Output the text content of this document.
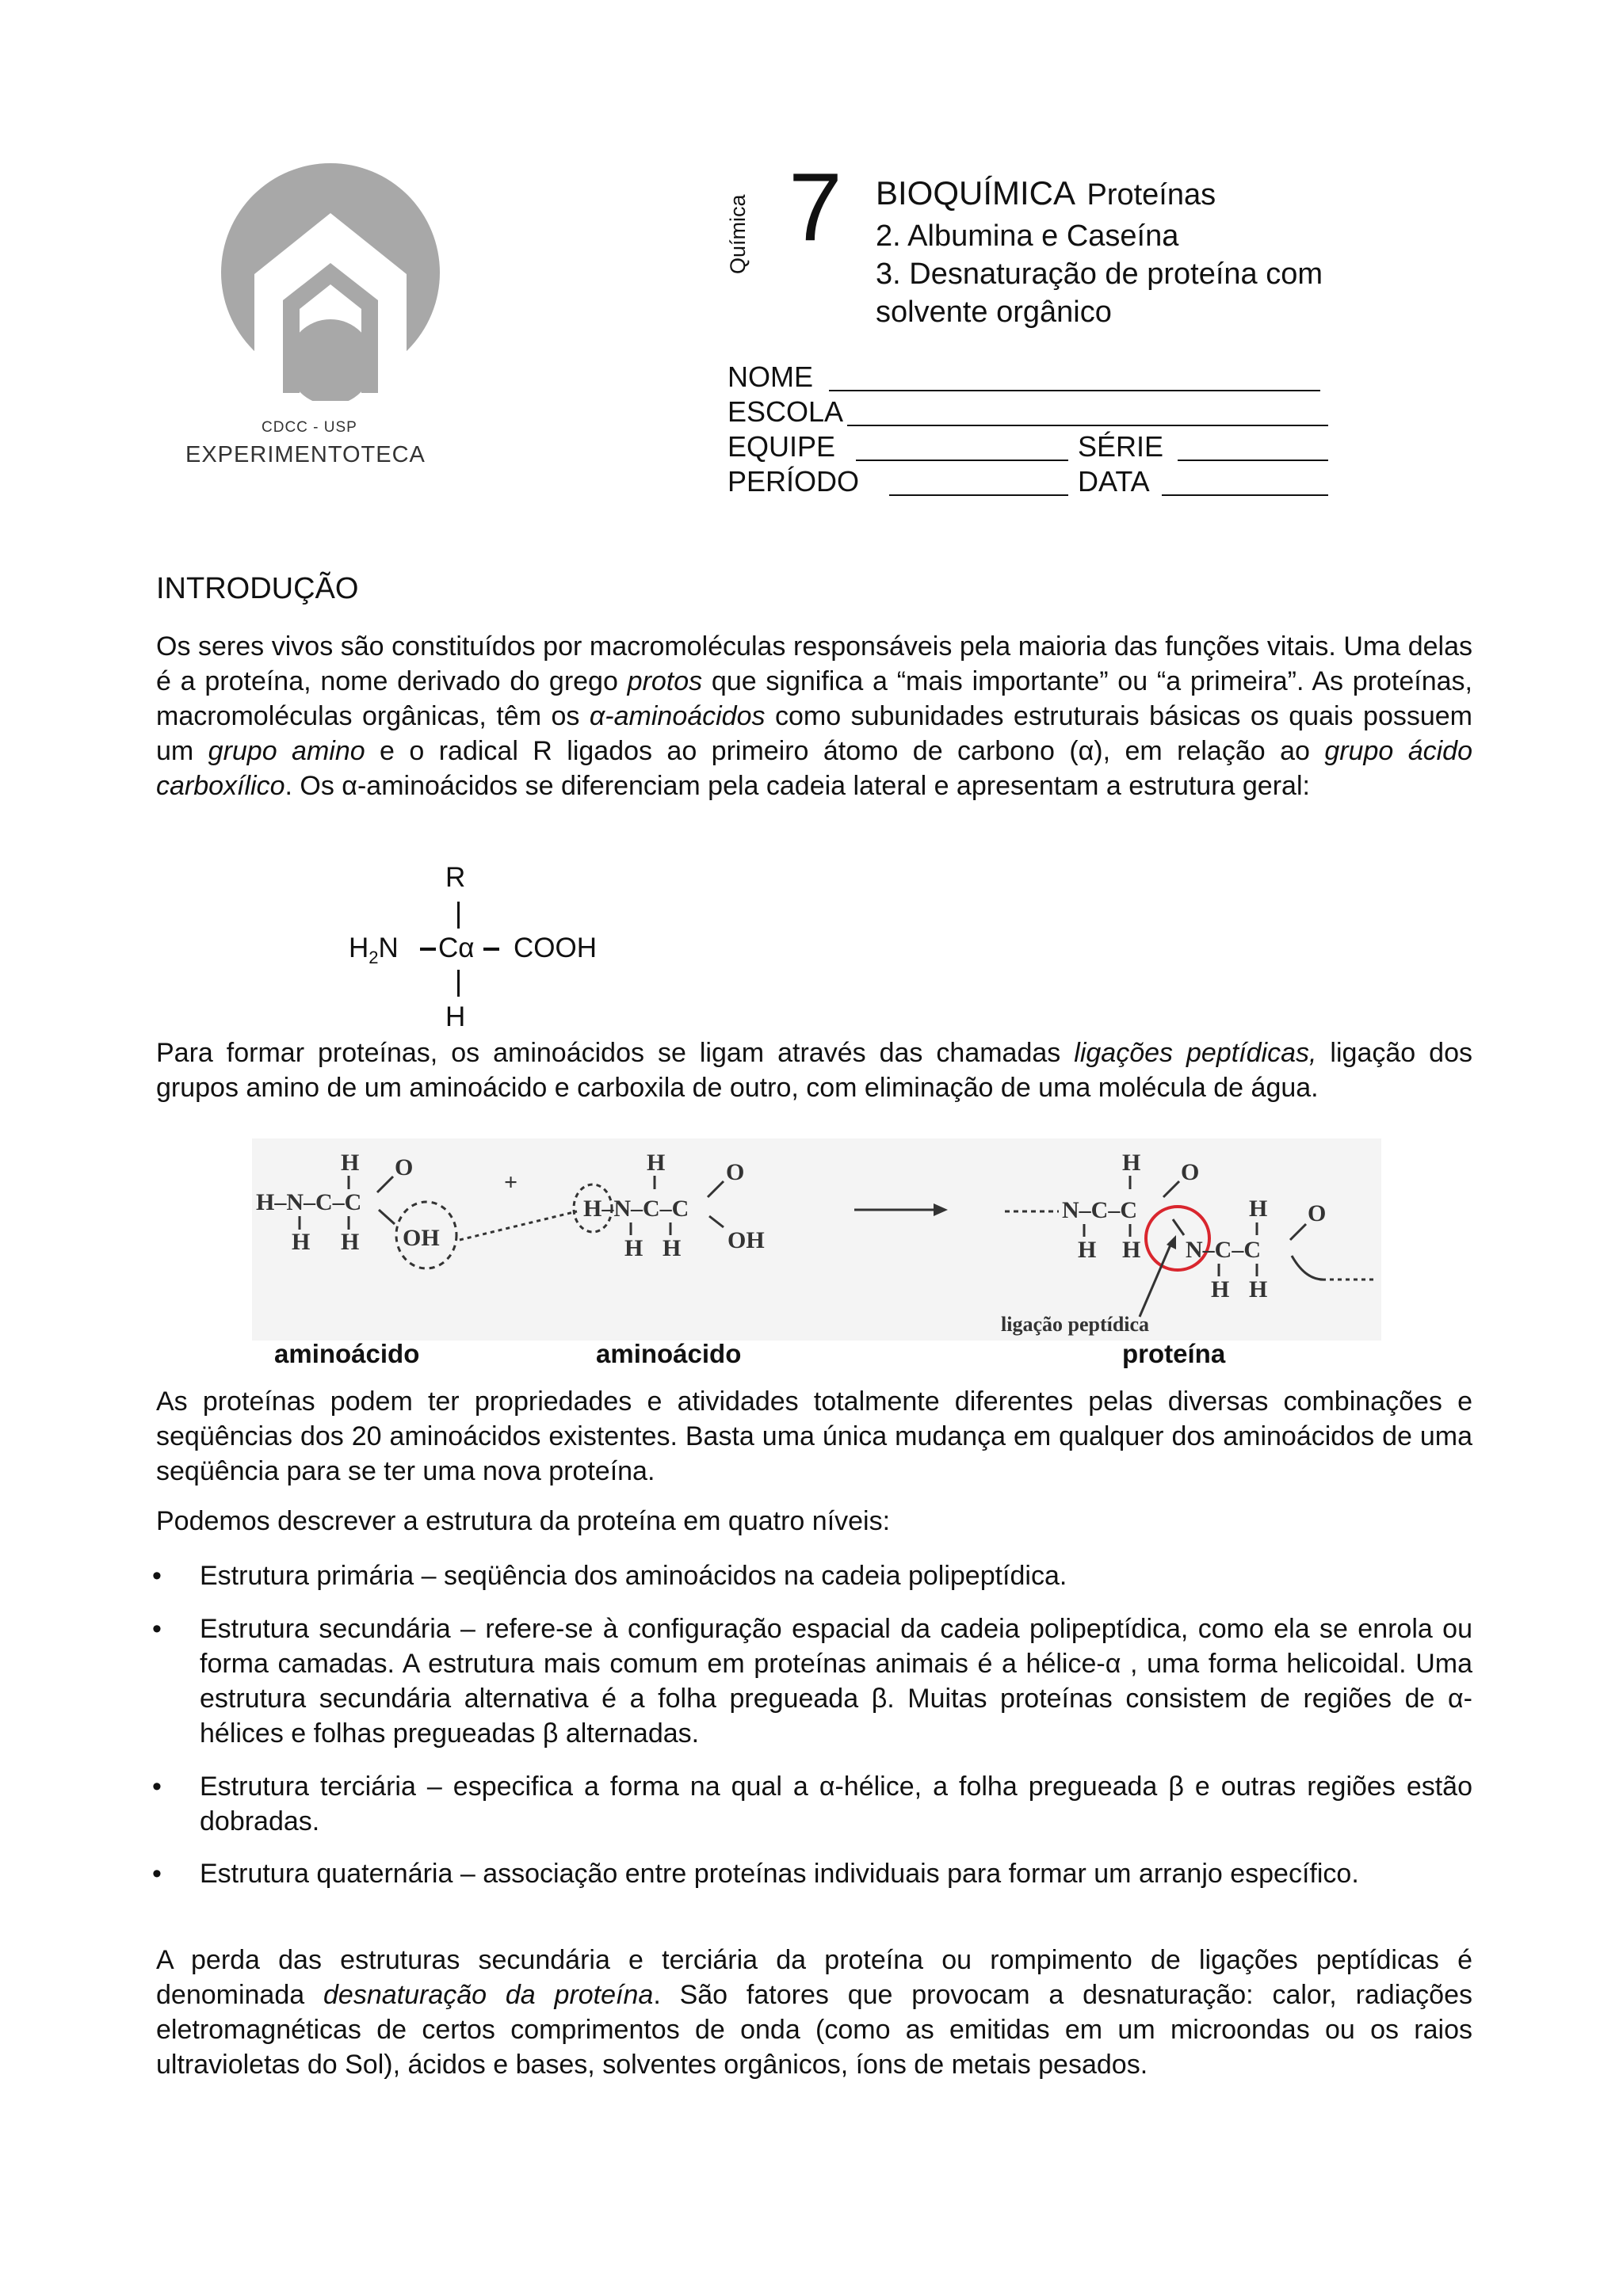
CDCC - USP
EXPERIMENTOTECA
Química 7 BIOQUÍMICA Proteínas
2. Albumina e Caseína
3. Desnaturação de proteína com
solvente orgânico
NOME
ESCOLA
EQUIPE	SÉRIE
PERÍODO	DATA
INTRODUÇÃO
Os seres vivos são constituídos por macromoléculas responsáveis pela maioria das funções vitais. Uma delas é a proteína, nome derivado do grego protos que significa a “mais importante” ou “a primeira”. As proteínas, macromoléculas orgânicas, têm os α-aminoácidos como subunidades estruturais básicas os quais possuem um grupo amino e o radical R ligados ao primeiro átomo de carbono (α), em relação ao grupo ácido carboxílico. Os α-aminoácidos se diferenciam pela cadeia lateral e apresentam a estrutura geral:
R
$H_2N$ Cα COOH
H
Para formar proteínas, os aminoácidos se ligam através das chamadas ligações peptídicas, ligação dos grupos amino de um aminoácido e carboxila de outro, com eliminação de uma molécula de água.
H
H–N–C–C
H H
O
OH
+
H
H–N–C–C
H H
O
OH
H
N–C–C
H H
O
N–C–C
H
H H
O
ligação peptídica
aminoácido	aminoácido	proteína
As proteínas podem ter propriedades e atividades totalmente diferentes pelas diversas combinações e seqüências dos 20 aminoácidos existentes. Basta uma única mudança em qualquer dos aminoácidos de uma seqüência para se ter uma nova proteína.
Podemos descrever a estrutura da proteína em quatro níveis:
• Estrutura primária – seqüência dos aminoácidos na cadeia polipeptídica.
• Estrutura secundária – refere-se à configuração espacial da cadeia polipeptídica, como ela se enrola ou forma camadas. A estrutura mais comum em proteínas animais é a hélice-α , uma forma helicoidal. Uma estrutura secundária alternativa é a folha pregueada β. Muitas proteínas consistem de regiões de α-hélices e folhas pregueadas β alternadas.
• Estrutura terciária – especifica a forma na qual a α-hélice, a folha pregueada β e outras regiões estão dobradas.
• Estrutura quaternária – associação entre proteínas individuais para formar um arranjo específico.
A perda das estruturas secundária e terciária da proteína ou rompimento de ligações peptídicas é denominada desnaturação da proteína. São fatores que provocam a desnaturação: calor, radiações eletromagnéticas de certos comprimentos de onda (como as emitidas em um microondas ou os raios ultravioletas do Sol), ácidos e bases, solventes orgânicos, íons de metais pesados.
